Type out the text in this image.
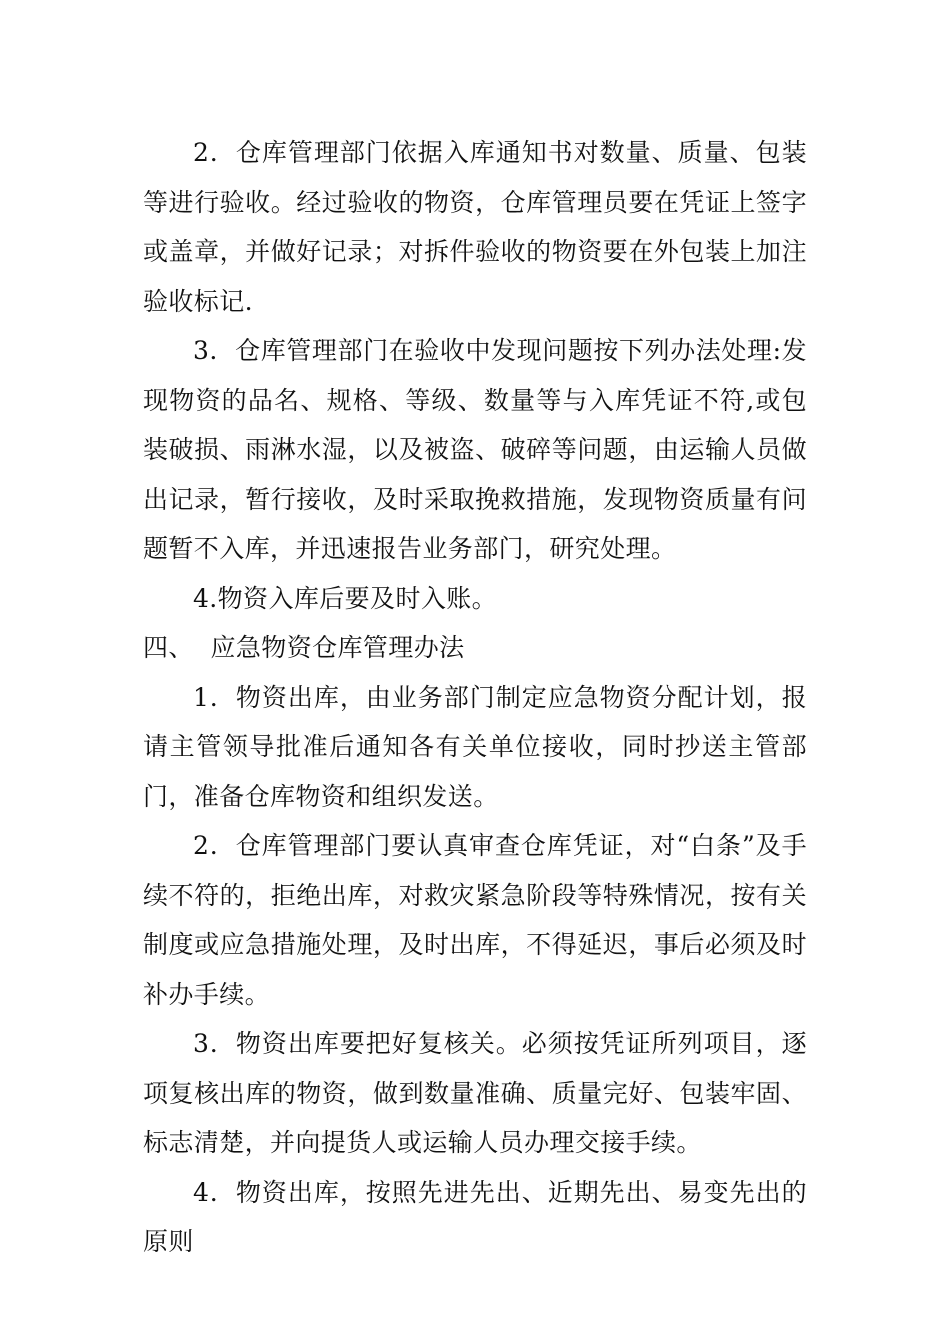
2．仓库管理部门依据入库通知书对数量、质量、包装等进行验收。经过验收的物资，仓库管理员要在凭证上签字或盖章，并做好记录；对拆件验收的物资要在外包装上加注验收标记.

3．仓库管理部门在验收中发现问题按下列办法处理:发现物资的品名、规格、等级、数量等与入库凭证不符,或包装破损、雨淋水湿，以及被盗、破碎等问题，由运输人员做出记录，暂行接收，及时采取挽救措施，发现物资质量有问题暂不入库，并迅速报告业务部门，研究处理。

4.物资入库后要及时入账。

四、  应急物资仓库管理办法

1．物资出库，由业务部门制定应急物资分配计划，报请主管领导批准后通知各有关单位接收，同时抄送主管部门，准备仓库物资和组织发送。

2．仓库管理部门要认真审查仓库凭证，对“白条”及手续不符的，拒绝出库，对救灾紧急阶段等特殊情况，按有关制度或应急措施处理，及时出库，不得延迟，事后必须及时补办手续。

3．物资出库要把好复核关。必须按凭证所列项目，逐项复核出库的物资，做到数量准确、质量完好、包装牢固、标志清楚，并向提货人或运输人员办理交接手续。

4．物资出库，按照先进先出、近期先出、易变先出的原则
